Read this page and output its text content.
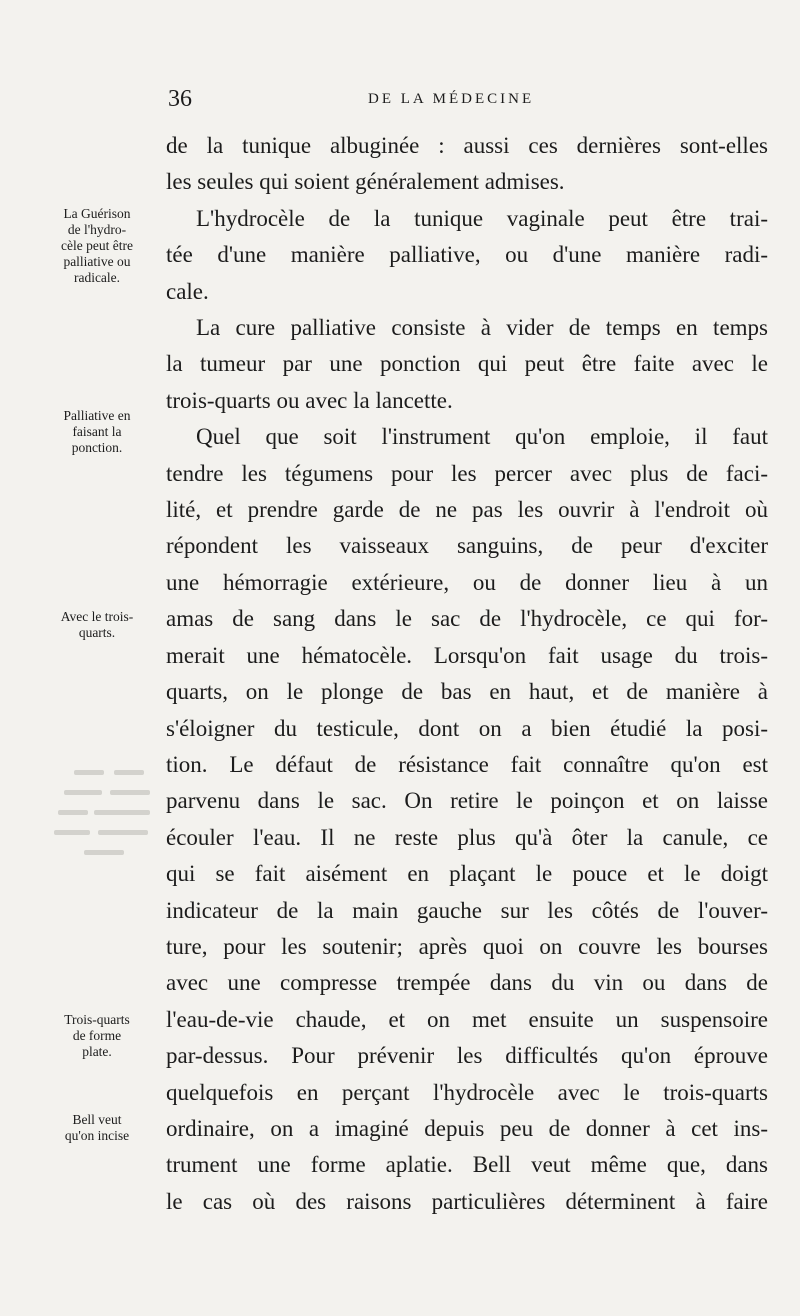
36	DE LA MÉDECINE
de la tunique albuginée : aussi ces dernières sont-elles
les seules qui soient généralement admises.
L'hydrocèle de la tunique vaginale peut être trai-
tée d'une manière palliative, ou d'une manière radi-
cale.
La cure palliative consiste à vider de temps en temps
la tumeur par une ponction qui peut être faite avec le
trois-quarts ou avec la lancette.
Quel que soit l'instrument qu'on emploie, il faut
tendre les tégumens pour les percer avec plus de faci-
lité, et prendre garde de ne pas les ouvrir à l'endroit où
répondent les vaisseaux sanguins, de peur d'exciter
une hémorragie extérieure, ou de donner lieu à un
amas de sang dans le sac de l'hydrocèle, ce qui for-
merait une hématocèle. Lorsqu'on fait usage du trois-
quarts, on le plonge de bas en haut, et de manière à
s'éloigner du testicule, dont on a bien étudié la posi-
tion. Le défaut de résistance fait connaître qu'on est
parvenu dans le sac. On retire le poinçon et on laisse
écouler l'eau. Il ne reste plus qu'à ôter la canule, ce
qui se fait aisément en plaçant le pouce et le doigt
indicateur de la main gauche sur les côtés de l'ouver-
ture, pour les soutenir; après quoi on couvre les bourses
avec une compresse trempée dans du vin ou dans de
l'eau-de-vie chaude, et on met ensuite un suspensoire
par-dessus. Pour prévenir les difficultés qu'on éprouve
quelquefois en perçant l'hydrocèle avec le trois-quarts
ordinaire, on a imaginé depuis peu de donner à cet ins-
trument une forme aplatie. Bell veut même que, dans
le cas où des raisons particulières déterminent à faire
La Guérison
de l'hydro-
cèle peut être
palliative ou
radicale.
Palliative en
faisant la
ponction.
Avec le trois-
quarts.
Trois-quarts
de forme
plate.
Bell veut
qu'on incise
